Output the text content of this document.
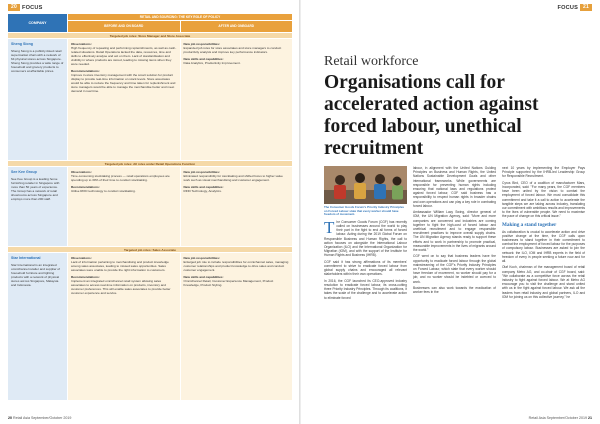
20 FOCUS
COMPANY
RETAIL AND SOURCING: THE KEY ROLE OF POLICY
BEFORE AND ON BOARD	AFTER AND ONBOARD
Targeted job roles: Store Manager and Store Associate
Sheng Siong
Sheng Siong is a publicly-listed retail supermarket chain with a network of 64 physical stores across Singapore. Sheng Siong provides a wide range of household and grocery products to consumers at affordable prices.
Observations:
High frequency of repeating and performing replenishments, as well as cash-related situations. Retail Operations lacked the data, resources, time and skills to effectively analyse and act on them. Lack of standardisation and visibility in where products are stored, leading to missing items when they were needed.
Recommendations:
Improve in-store inventory management with the smart solution for product display to provide real-time information on stock levels. Store associates would be able to reduce the frequency and time taken for replenishment and store managers would be able to manage the merchandise better and meet demand in real time.
New job responsibilities:
Expanded job roles for store associates and store managers to conduct productivity analysis and improve key performance indicators.
New skills and capabilities:
Data Analytics, Productivity Improvement.
Targeted job roles: All roles under Retail Operations Function
See Kee Group
See Kee Group is a leading home furnishing retailer in Singapore with more than 50 years of experience. The Group has a network of retail showrooms across Singapore and employs more than 200 staff.
Observations:
Time-consuming stocktaking process — retail operations employees are spending up to 30% of their time to conduct stocktaking.
Recommendations:
Utilise RFID technology to conduct stocktaking.
New job responsibilities:
Eliminated responsibility for stocktaking and shifted focus to higher value work such as visual merchandising and customer engagement.
New skills and capabilities:
RFID Technology, Analytics.
Targeted job roles: Sales Associate
Star International
Star International is an integrated omnichannel retailer and supplier of household furniture and lighting products with a network of physical stores across Singapore, Malaysia and Indonesia.
Observations:
Lack of information pertaining to merchandising and product knowledge among sales associates, leading to missed sales opportunities. Sales associates were unable to provide the right information to customers.
Recommendations:
Implement an integrated omnichannel retail system allowing sales associates to access real-time information on products, inventory and customer preferences. This will enable sales associates to provide better customer experience and service.
New job responsibilities:
Enlarged job role to include responsibilities for omnichannel sales, managing customer relationships and product knowledge to drive sales and conduct customer engagement.
New skills and capabilities:
Omnichannel Retail, Customer Experience Management, Product Knowledge, Product Styling.
20 Retail Asia September/October 2019
FOCUS	21
Retail Asia September/October 2019 21
Retail workforce
Organisations call for accelerated action against forced labour, unethical recruitment
The Consumer Goods Forum's Priority Industry Principles on Forced Labour state that every worker should have freedom of movement.

The Consumer Goods Forum (CGF) has recently called on businesses around the world to play their part in the fight to end all forms of forced labour. Acting during the 2019 Global Forum on Responsible Business and Human Rights, the call to action focuses on alongside the International Labour Organization (ILO) and the International Organization for Migration (IOM), and with the support of the Institute for Human Rights and Business (IHRB).

CGF said it has strong affirmations of its members' commitment to strive to eradicate forced labour from global supply chains and encouraged all relevant stakeholders within their own operations.

In 2016, the CGF launched its CEO-approved industry resolution to eradicate forced labour, its cross-cutting three Priority Industry Principles. Through its coalitions, it takes the scale of the challenge and to accelerate action to eliminate forced

labour, in alignment with the United Nations Guiding Principles on Business and Human Rights, the United Nations Sustainable Development Goals and other international frameworks. While governments are responsible for preventing human rights including ensuring that national laws and regulations protect against forced labour, CGF said business has a responsibility to respect human rights in broader chains and own operations and can play a key role in combating forced labour.

Ambassador William Lacy Swing, director general of IOM, the UN Migration Agency, said: "More and more companies are concerned and industries are coming together to fight the high-cost of forced labour and unethical recruitment and to engage responsible recruitment practices to improve overall supply chains. The UN Migration Agency stands ready to support these efforts and to work in partnership to promote practical, measurable improvements in the lives of migrants around the world."

CGF went on to say that business leaders have the opportunity to eradicate forced labour through the global mainstreaming of the CGF's Priority Industry Principles on Forced Labour, which state that every worker should have freedom of movement, no worker should pay for a job, and no worker should be indebted or coerced to work.

Businesses can also work towards the eradication of worker fees in the

next 10 years by implementing the Employer Pays Principle supported by the IHRB-led Leadership Group for Responsible Recruitment.

Cyrus Bird, CEO of a coalition of manufacturer Mars, Incorporated, said: "For many years, the CGF members have been united by the vision to combat the employment of forced labour. We must consolidate this commitment and take it a call to action to accelerate the tangible steps we are taking across industry, translating our commitment with ambitious results and improvements to the lives of vulnerable people. We need to maximise the pace of change on this critical issue."

Making a stand together

As collaboration is crucial to accelerate action and drive positive change at the time, the CGF calls upon businesses to stand together in their commitment to combat the employment of forced labour for the purposes of compulsory labour. Businesses are asked to join the network: the ILO, IOM and IHRB experts in the field of freedom of every in people seeking a future now and for all.

Olaf Koch, chairman of the management board of retail company Metro AG, and co-chair of CGF board, said: "We collaborate as a competitive force across the retail industry to fight against forced labour. We at Metro AG encourage you to visit the challenge and stand united with us in the fight against forced labour. We ask all the leaders from retail industry and global partners, ILO and IOM for joining us on this collective journey," he
